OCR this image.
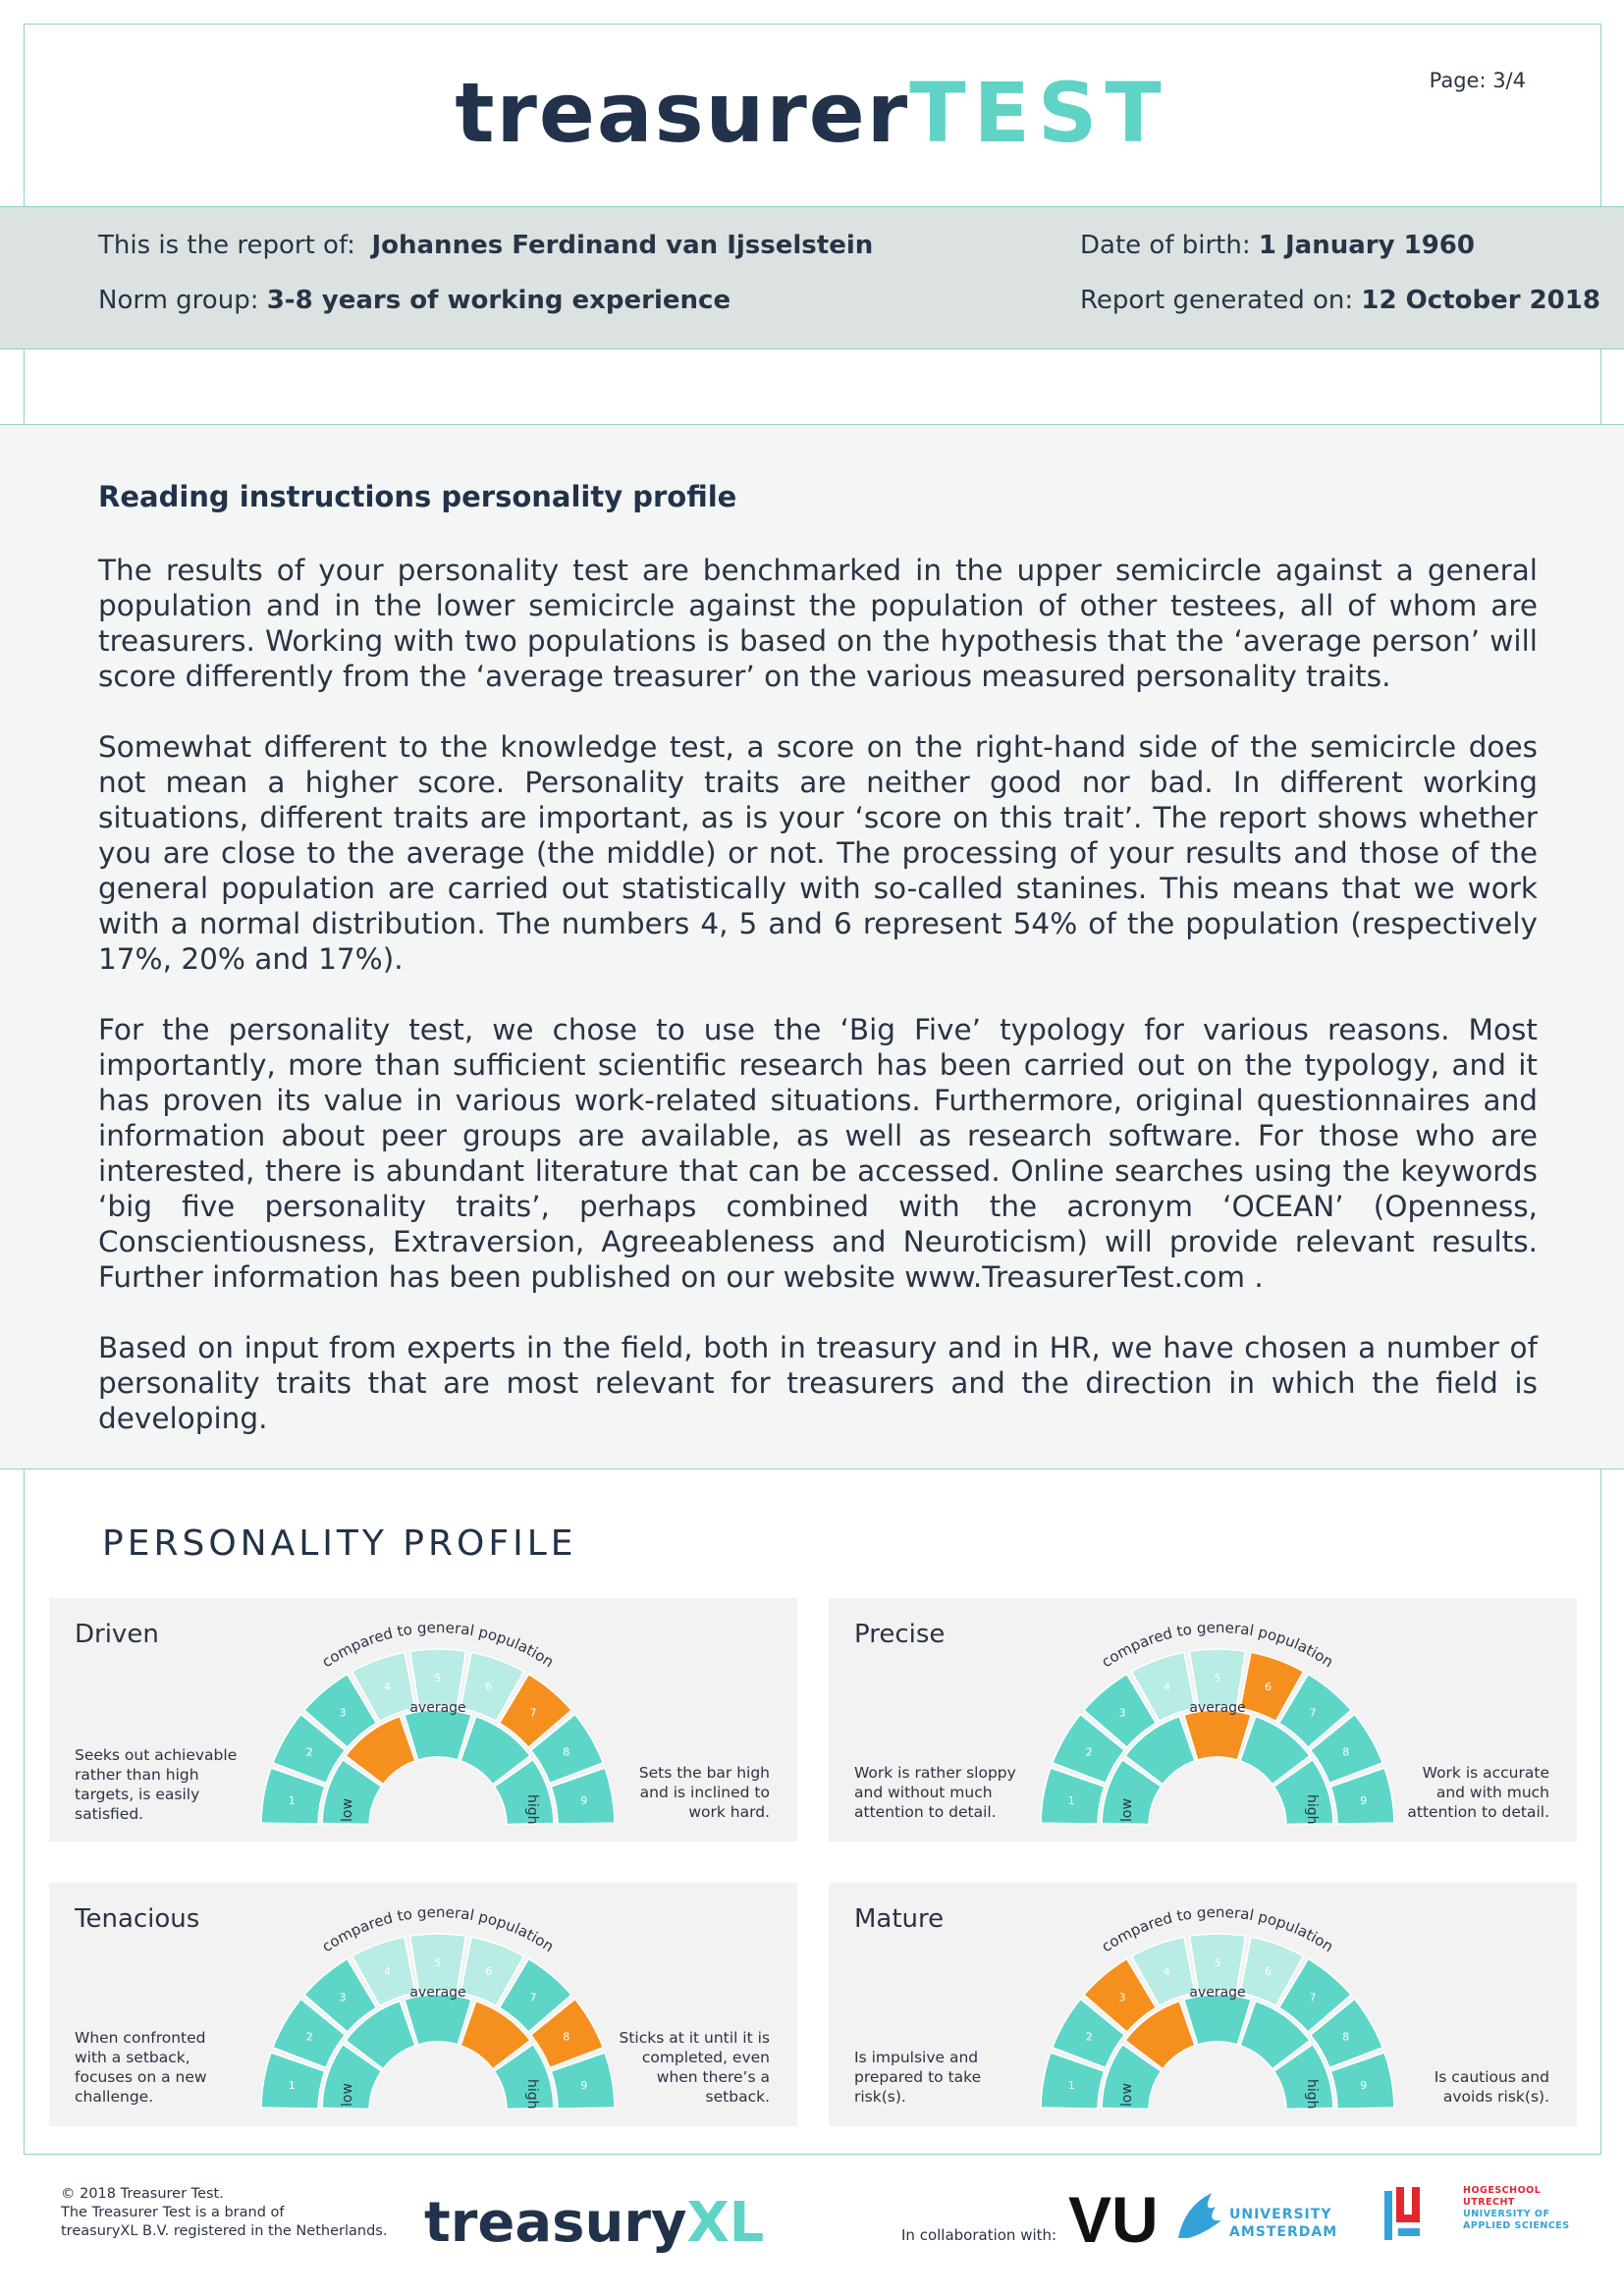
treasurerTEST	Page: 3/4
This is the report of: Johannes Ferdinand van Ijsselstein
Norm group: 3-8 years of working experience
Date of birth: 1 January 1960
Report generated on: 12 October 2018
Reading instructions personality profile

The results of your personality test are benchmarked in the upper semicircle against a general population and in the lower semicircle against the population of other testees, all of whom are treasurers. Working with two populations is based on the hypothesis that the ‘average person’ will score differently from the ‘average treasurer’ on the various measured personality traits.

Somewhat different to the knowledge test, a score on the right-hand side of the semicircle does not mean a higher score. Personality traits are neither good nor bad. In different working situations, different traits are important, as is your ‘score on this trait’. The report shows whether you are close to the average (the middle) or not. The processing of your results and those of the general population are carried out statistically with so-called stanines. This means that we work with a normal distribution. The numbers 4, 5 and 6 represent 54% of the population (respectively 17%, 20% and 17%).

For the personality test, we chose to use the ‘Big Five’ typology for various reasons. Most importantly, more than sufficient scientific research has been carried out on the typology, and it has proven its value in various work-related situations. Furthermore, original questionnaires and information about peer groups are available, as well as research software. For those who are interested, there is abundant literature that can be accessed. Online searches using the keywords ‘big five personality traits’, perhaps combined with the acronym ‘OCEAN’ (Openness, Conscientiousness, Extraversion, Agreeableness and Neuroticism) will provide relevant results. Further information has been published on our website www.TreasurerTest.com .

Based on input from experts in the field, both in treasury and in HR, we have chosen a number of personality traits that are most relevant for treasurers and the direction in which the field is developing.

PERSONALITY PROFILE
Driven
Seeks out achievable rather than high targets, is easily satisfied.
Sets the bar high and is inclined to work hard.
1
2
3
4
5
6
7
8
9
compared to general population
average
low	high
Precise
Work is rather sloppy and without much attention to detail.
Work is accurate and with much attention to detail.
1
2
3
4
5
6
7
8
9
compared to general population
average
low	high
Tenacious
When confronted with a setback, focuses on a new challenge.
Sticks at it until it is completed, even when there’s a setback.
1
2
3
4
5
6
7
8
9
compared to general population
average
low	high
Mature
Is impulsive and prepared to take risk(s).
Is cautious and avoids risk(s).
1
2
3
4
5
6
7
8
9
compared to general population
average
low	high
© 2018 Treasurer Test.
The Treasurer Test is a brand of
treasuryXL B.V. registered in the Netherlands. treasuryXL	In collaboration with: VU	UNIVERSITY
AMSTERDAM
HOGESCHOOL
UTRECHT
UNIVERSITY OF
APPLIED SCIENCES
